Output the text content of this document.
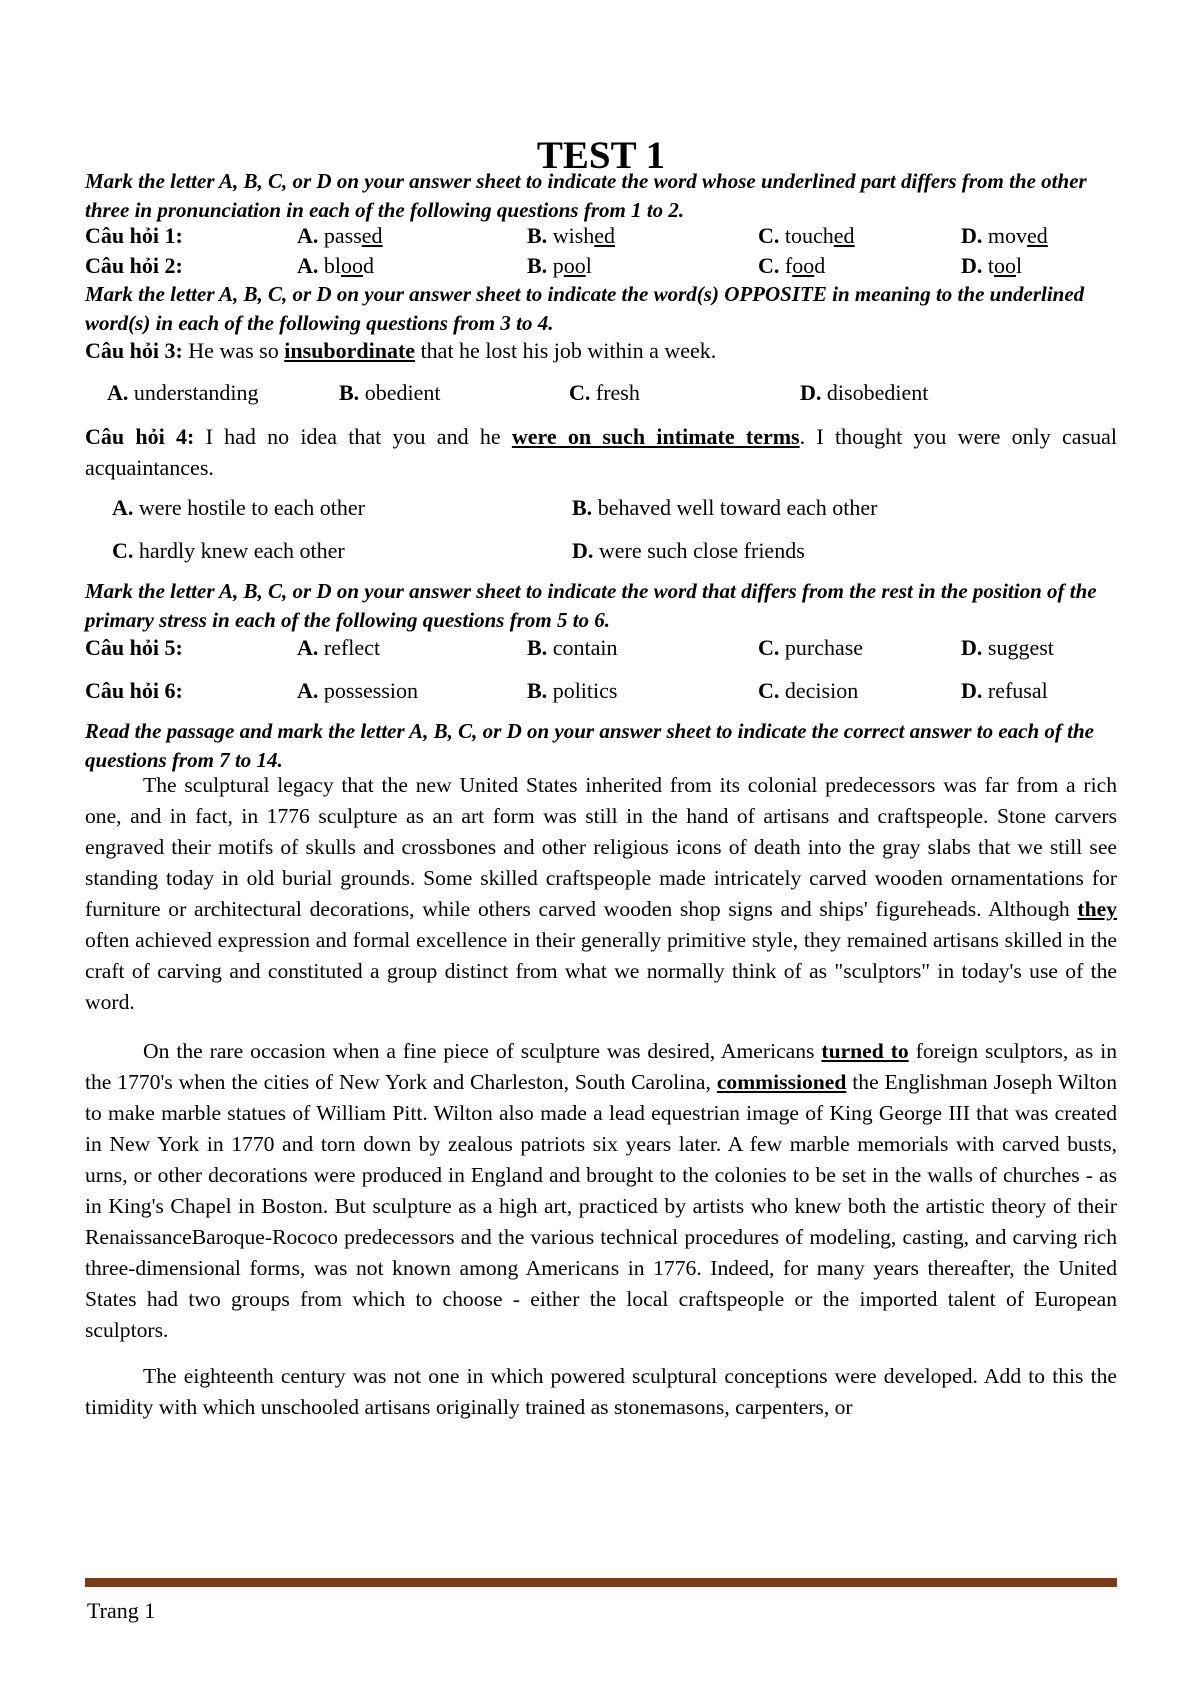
TEST 1
Mark the letter A, B, C, or D on your answer sheet to indicate the word whose underlined part differs from the other three in pronunciation in each of the following questions from 1 to 2.
Câu hỏi 1:	A. passed	B. wished	C. touched	D. moved
Câu hỏi 2:	A. blood	B. pool	C. food	D. tool
Mark the letter A, B, C, or D on your answer sheet to indicate the word(s) OPPOSITE in meaning to the underlined word(s) in each of the following questions from 3 to 4.
Câu hỏi 3: He was so insubordinate that he lost his job within a week.
A. understanding	B. obedient	C. fresh	D. disobedient
Câu hỏi 4: I had no idea that you and he were on such intimate terms. I thought you were only casual acquaintances.
A. were hostile to each other	B. behaved well toward each other
C. hardly knew each other	D. were such close friends
Mark the letter A, B, C, or D on your answer sheet to indicate the word that differs from the rest in the position of the primary stress in each of the following questions from 5 to 6.
Câu hỏi 5:	A. reflect	B. contain	C. purchase	D. suggest
Câu hỏi 6:	A. possession	B. politics	C. decision	D. refusal
Read the passage and mark the letter A, B, C, or D on your answer sheet to indicate the correct answer to each of the questions from 7 to 14.
The sculptural legacy that the new United States inherited from its colonial predecessors was far from a rich one, and in fact, in 1776 sculpture as an art form was still in the hand of artisans and craftspeople. Stone carvers engraved their motifs of skulls and crossbones and other religious icons of death into the gray slabs that we still see standing today in old burial grounds. Some skilled craftspeople made intricately carved wooden ornamentations for furniture or architectural decorations, while others carved wooden shop signs and ships' figureheads. Although they often achieved expression and formal excellence in their generally primitive style, they remained artisans skilled in the craft of carving and constituted a group distinct from what we normally think of as "sculptors" in today's use of the word.
On the rare occasion when a fine piece of sculpture was desired, Americans turned to foreign sculptors, as in the 1770's when the cities of New York and Charleston, South Carolina, commissioned the Englishman Joseph Wilton to make marble statues of William Pitt. Wilton also made a lead equestrian image of King George III that was created in New York in 1770 and torn down by zealous patriots six years later. A few marble memorials with carved busts, urns, or other decorations were produced in England and brought to the colonies to be set in the walls of churches - as in King's Chapel in Boston. But sculpture as a high art, practiced by artists who knew both the artistic theory of their RenaissanceBaroque-Rococo predecessors and the various technical procedures of modeling, casting, and carving rich three-dimensional forms, was not known among Americans in 1776. Indeed, for many years thereafter, the United States had two groups from which to choose - either the local craftspeople or the imported talent of European sculptors.
The eighteenth century was not one in which powered sculptural conceptions were developed. Add to this the timidity with which unschooled artisans originally trained as stonemasons, carpenters, or
Trang 1
